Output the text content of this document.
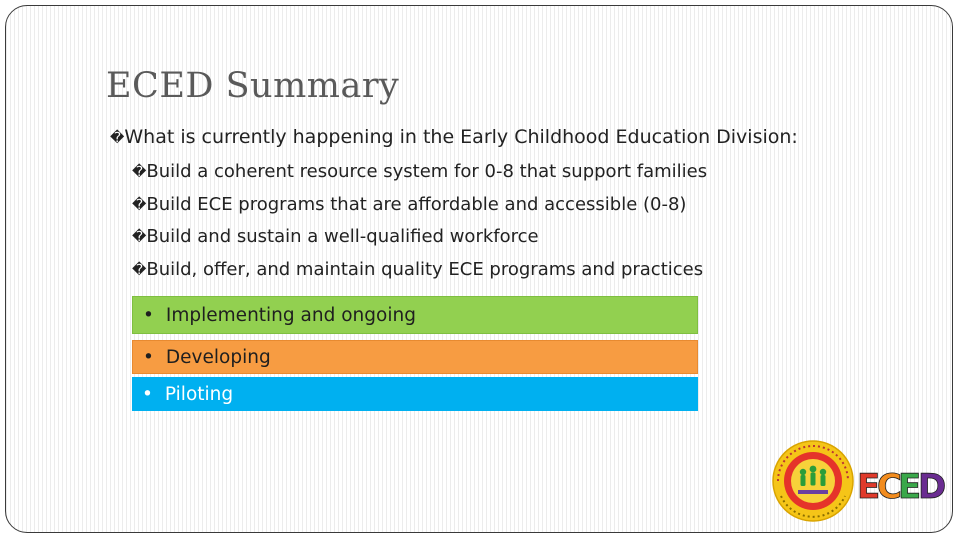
ECED Summary
�What is currently happening in the Early Childhood Education Division:
�Build a coherent resource system for 0-8 that support families
�Build ECE programs that are affordable and accessible (0-8)
�Build and sustain a well-qualified workforce
�Build, offer, and maintain quality ECE programs and practices
• Implementing and ongoing
• Developing
• Piloting
E
C
E
D
